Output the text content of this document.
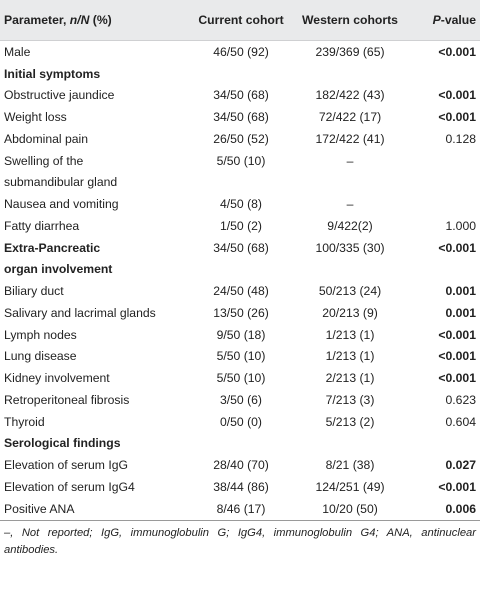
Parameter, n/N (%)	Current cohort	Western cohorts	P-value
Male	46/50 (92)	239/369 (65)	<0.001
Initial symptoms			
Obstructive jaundice	34/50 (68)	182/422 (43)	<0.001
Weight loss	34/50 (68)	72/422 (17)	<0.001
Abdominal pain	26/50 (52)	172/422 (41)	0.128
Swelling of the	5/50 (10)	–	
submandibular gland			
Nausea and vomiting	4/50 (8)	–	
Fatty diarrhea	1/50 (2)	9/422(2)	1.000
Extra-Pancreatic	34/50 (68)	100/335 (30)	<0.001
organ involvement			
Biliary duct	24/50 (48)	50/213 (24)	0.001
Salivary and lacrimal glands	13/50 (26)	20/213 (9)	0.001
Lymph nodes	9/50 (18)	1/213 (1)	<0.001
Lung disease	5/50 (10)	1/213 (1)	<0.001
Kidney involvement	5/50 (10)	2/213 (1)	<0.001
Retroperitoneal fibrosis	3/50 (6)	7/213 (3)	0.623
Thyroid	0/50 (0)	5/213 (2)	0.604
Serological findings			
Elevation of serum IgG	28/40 (70)	8/21 (38)	0.027
Elevation of serum IgG4	38/44 (86)	124/251 (49)	<0.001
Positive ANA	8/46 (17)	10/20 (50)	0.006
–, Not reported; IgG, immunoglobulin G; IgG4, immunoglobulin G4; ANA, antinuclear antibodies.
